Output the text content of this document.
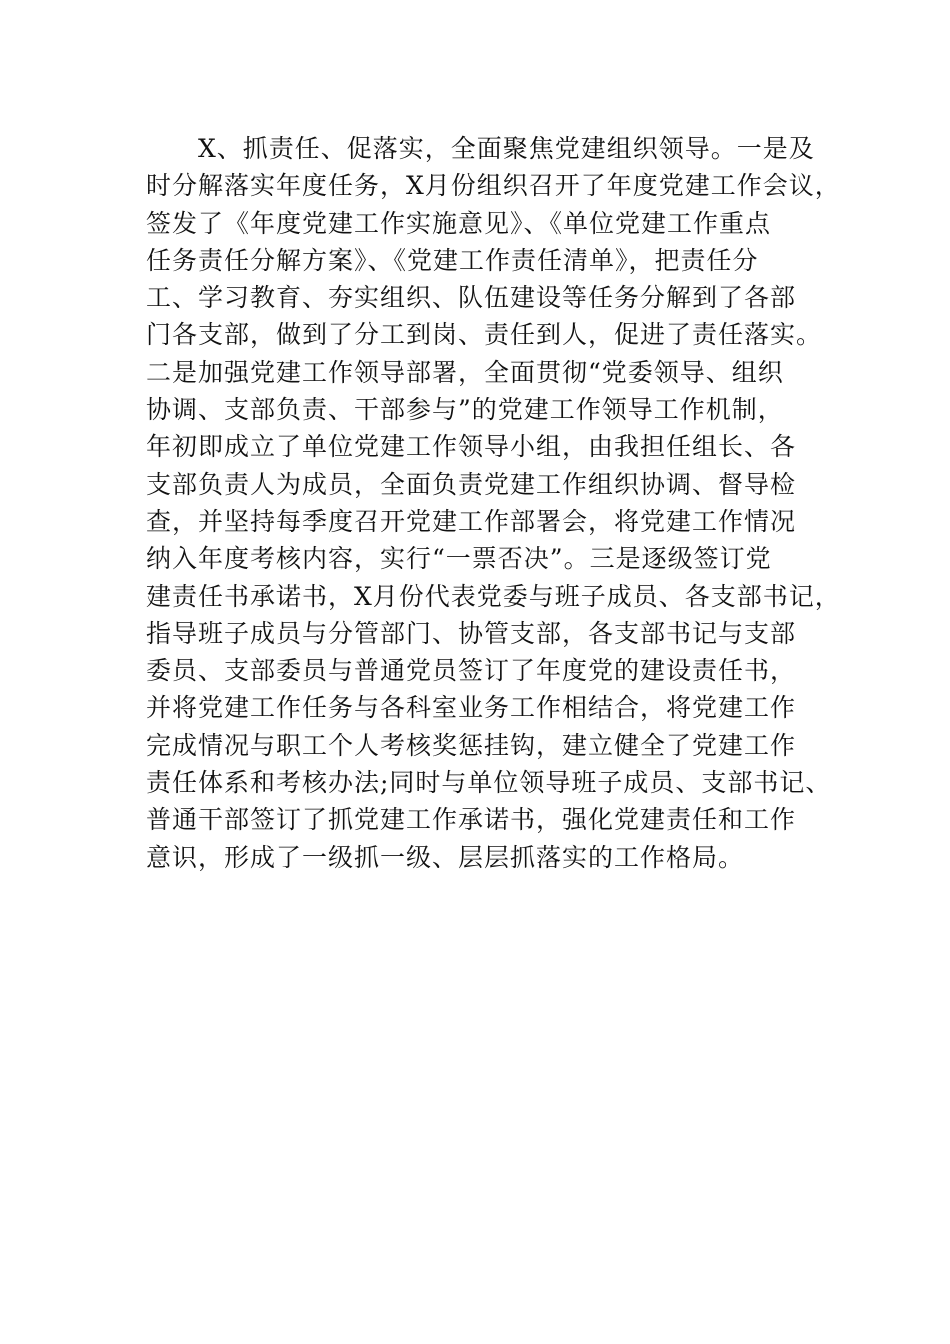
　　X、抓责任、促落实，全面聚焦党建组织领导。一是及
时分解落实年度任务，X月份组织召开了年度党建工作会议，
签发了《年度党建工作实施意见》、《单位党建工作重点
任务责任分解方案》、《党建工作责任清单》，把责任分
工、学习教育、夯实组织、队伍建设等任务分解到了各部
门各支部，做到了分工到岗、责任到人，促进了责任落实。
二是加强党建工作领导部署，全面贯彻“党委领导、组织
协调、支部负责、干部参与”的党建工作领导工作机制，
年初即成立了单位党建工作领导小组，由我担任组长、各
支部负责人为成员，全面负责党建工作组织协调、督导检
查，并坚持每季度召开党建工作部署会，将党建工作情况
纳入年度考核内容，实行“一票否决”。三是逐级签订党
建责任书承诺书，X月份代表党委与班子成员、各支部书记，
指导班子成员与分管部门、协管支部，各支部书记与支部
委员、支部委员与普通党员签订了年度党的建设责任书，
并将党建工作任务与各科室业务工作相结合，将党建工作
完成情况与职工个人考核奖惩挂钩，建立健全了党建工作
责任体系和考核办法;同时与单位领导班子成员、支部书记、
普通干部签订了抓党建工作承诺书，强化党建责任和工作
意识，形成了一级抓一级、层层抓落实的工作格局。
